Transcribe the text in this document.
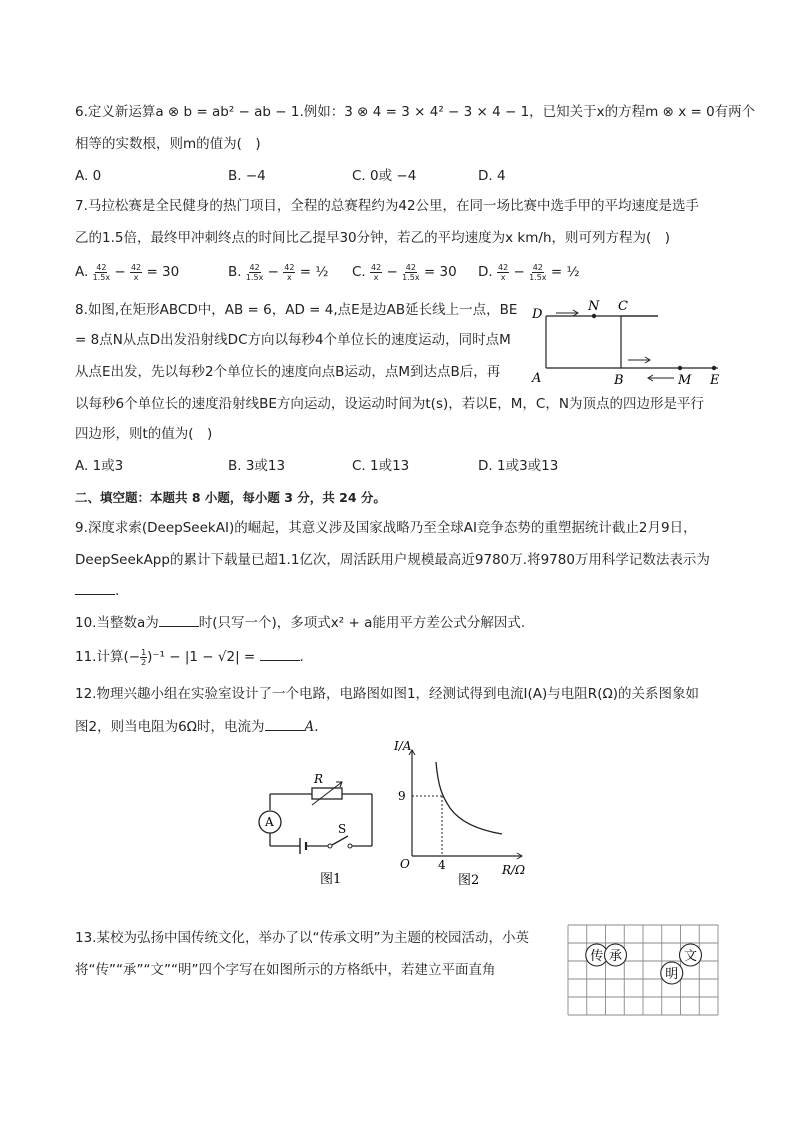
6.定义新运算a ⊗ b = ab² − ab − 1.例如：3 ⊗ 4 = 3 × 4² − 3 × 4 − 1，已知关于x的方程m ⊗ x = 0有两个
相等的实数根，则m的值为(　)
A. 0	B. −4	C. 0或 −4	D. 4
7.马拉松赛是全民健身的热门项目，全程的总赛程约为42公里，在同一场比赛中选手甲的平均速度是选手
乙的1.5倍，最终甲冲刺终点的时间比乙提早30分钟，若乙的平均速度为x km/h，则可列方程为(　)
A. $\frac{42}{1.5x} - \frac{42}{x} = 30$	B. $\frac{42}{1.5x} - \frac{42}{x}$ = ½ C. $\frac{42}{x} - \frac{42}{1.5x} = 30$ D. $\frac{42}{x} - \frac{42}{1.5x}$ = ½
8.如图,在矩形ABCD中，AB = 6，AD = 4,点E是边AB延长线上一点，BE
= 8点N从点D出发沿射线DC方向以每秒4个单位长的速度运动，同时点M
从点E出发，先以每秒2个单位长的速度向点B运动，点M到达点B后，再
以每秒6个单位长的速度沿射线BE方向运动，设运动时间为t(s)，若以E，M，C，N为顶点的四边形是平行
四边形，则t的值为(　)
D
N C
A	B	M E
A. 1或3	B. 3或13	C. 1或13	D. 1或3或13
二、填空题：本题共 8 小题，每小题 3 分，共 24 分。
9.深度求索(DeepSeekAI)的崛起，其意义涉及国家战略乃至全球AI竞争态势的重塑据统计截止2月9日，
DeepSeekApp的累计下载量已超1.1亿次，周活跃用户规模最高近9780万.将9780万用科学记数法表示为
.
10.当整数a为	时(只写一个)，多项式x² + a能用平方差公式分解因式.
11.计算(− $\frac{1}{2} )^{-1} - |1 - √2|$ =	.
12.物理兴趣小组在实验室设计了一个电路，电路图如图1，经测试得到电流I(A)与电阻R(Ω)的关系图象如
图2，则当电阻为6Ω时，电流为	A.
A
R
S
图1
I/A
R/Ω
O
9
4
图2
13.某校为弘扬中国传统文化，举办了以“传承文明”为主题的校园活动，小英
将“传”“承”“文”“明”四个字写在如图所示的方格纸中，若建立平面直角
传 承	文
明
